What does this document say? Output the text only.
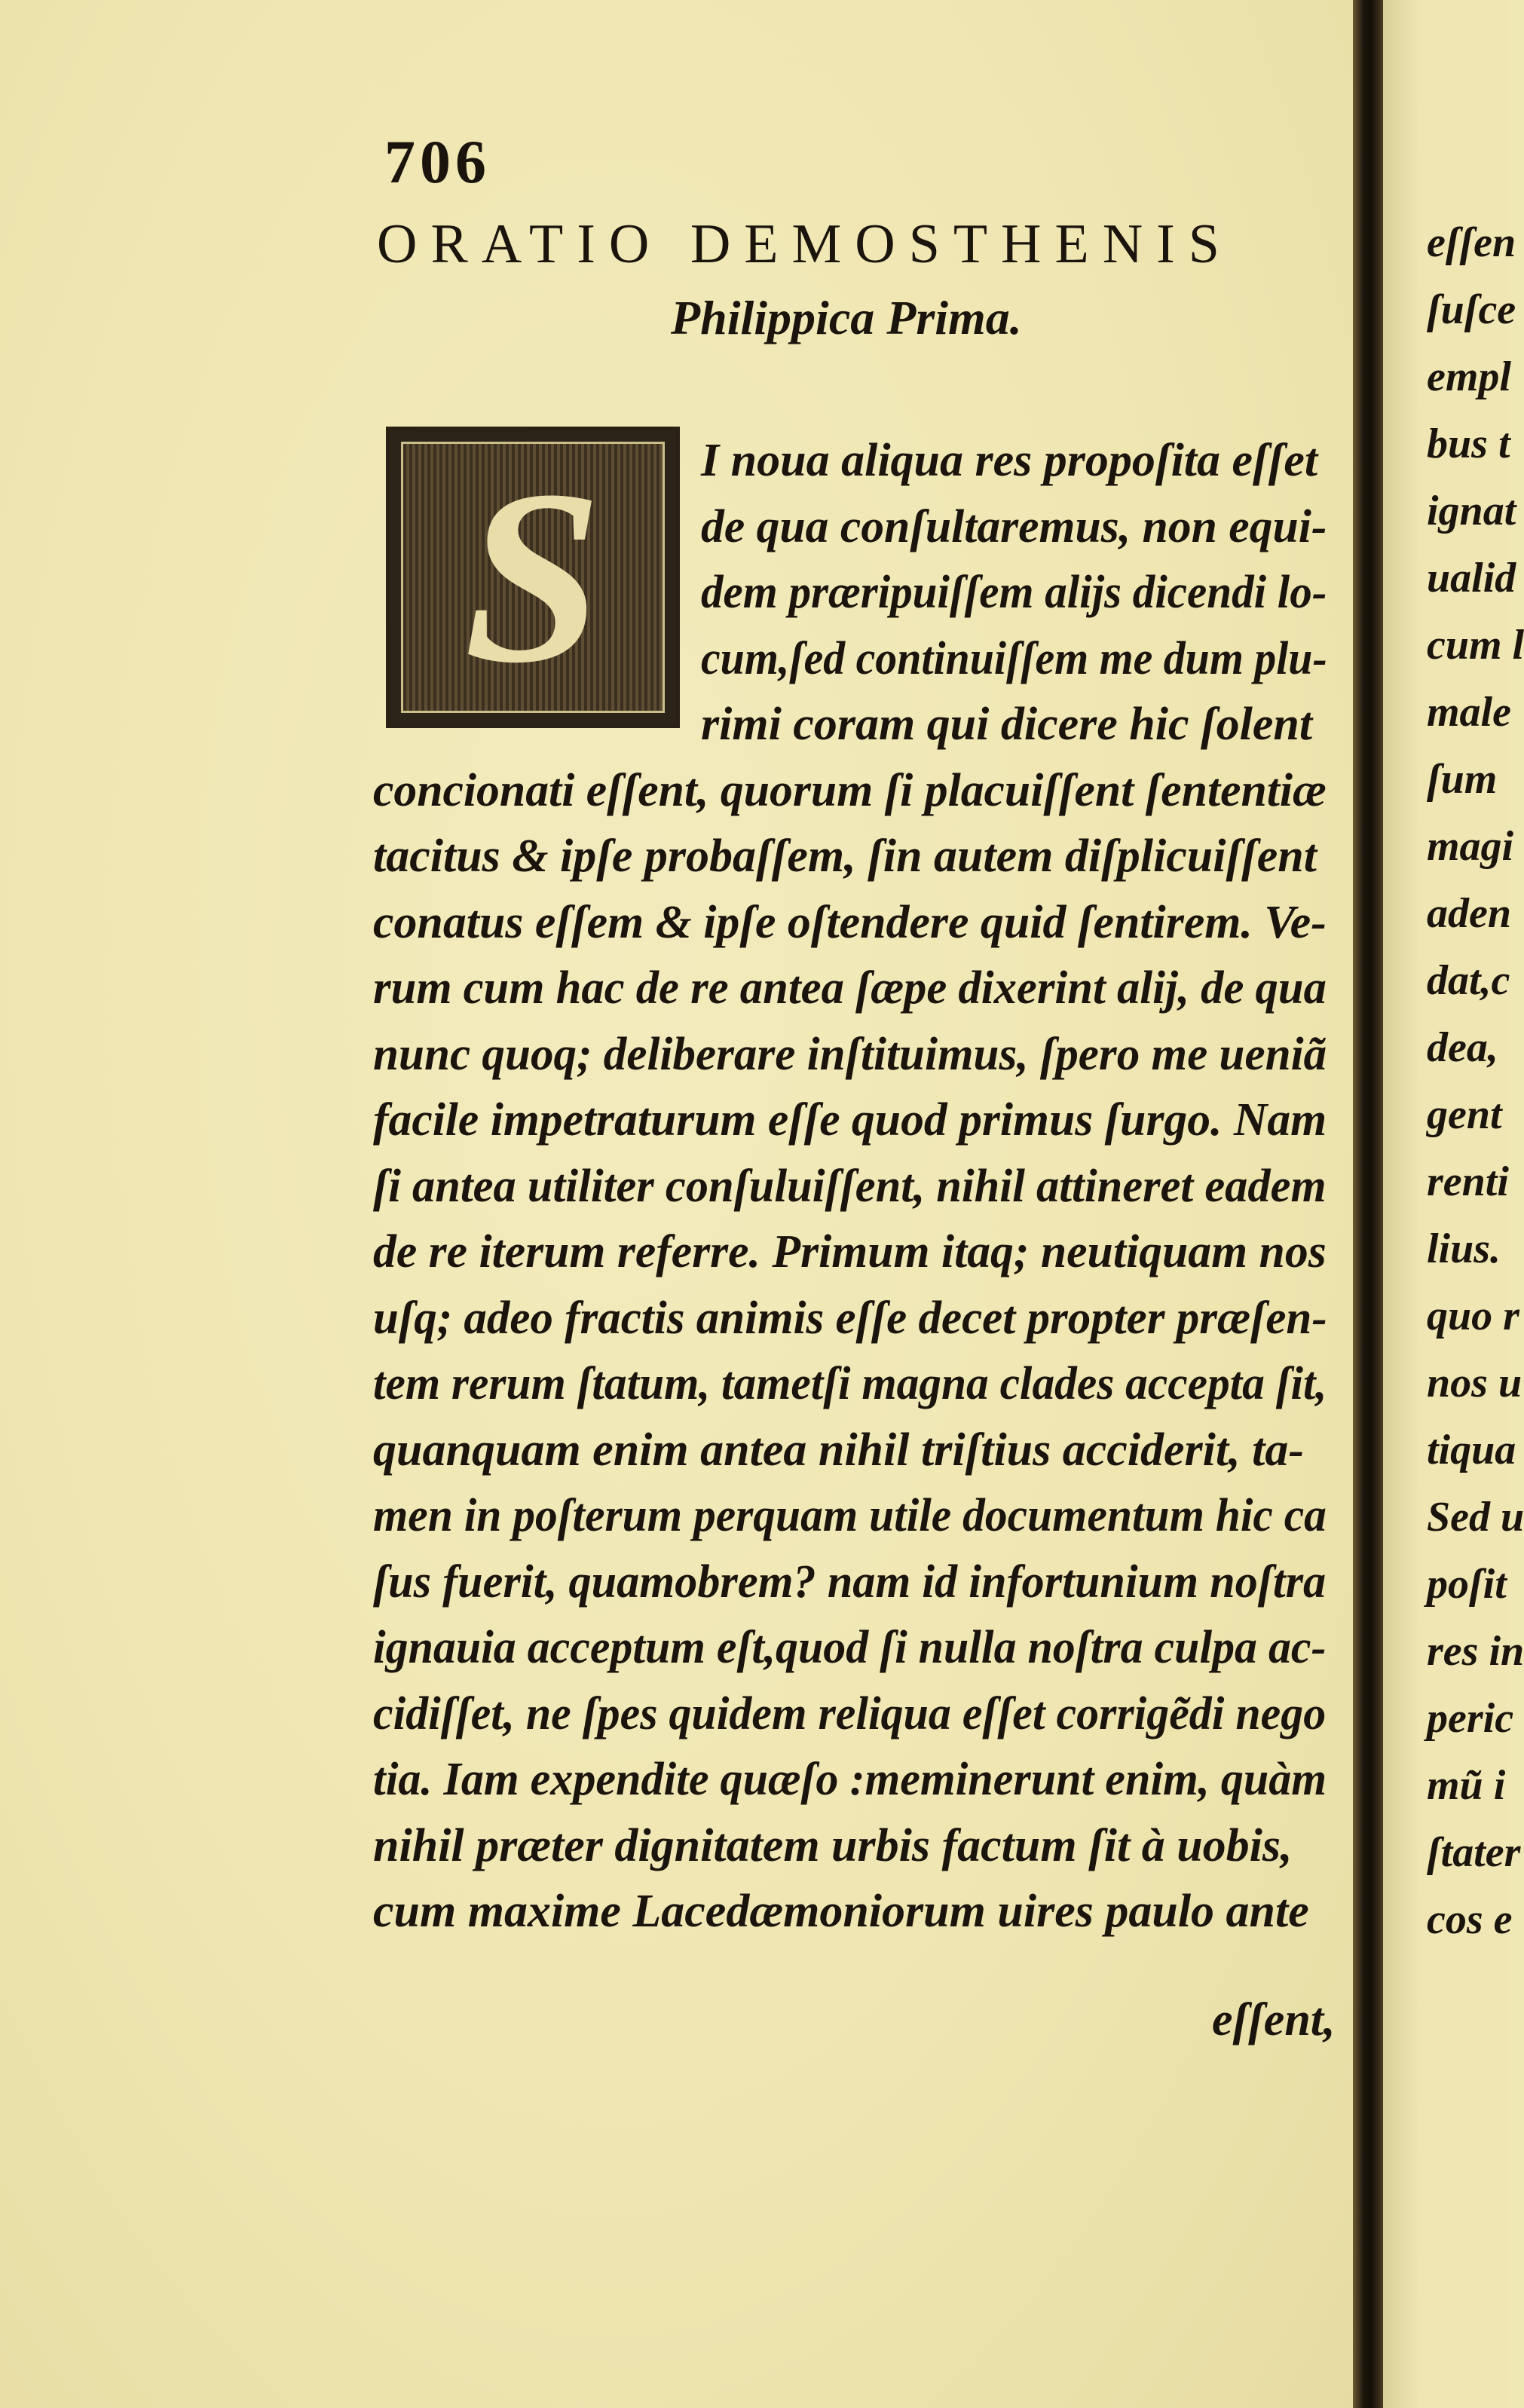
706
ORATIO DEMOSTHENIS
Philippica Prima.
S	I noua aliqua res propoſita eſſet
de qua conſultaremus, non equi-
dem præripuiſſem alijs dicendi lo-
cum,ſed continuiſſem me dum plu-
rimi coram qui dicere hic ſolent
concionati eſſent, quorum ſi placuiſſent ſententiæ
tacitus & ipſe probaſſem, ſin autem diſplicuiſſent
conatus eſſem & ipſe oſtendere quid ſentirem. Ve-
rum cum hac de re antea ſæpe dixerint alij, de qua
nunc quoq; deliberare inſtituimus, ſpero me ueniã
facile impetraturum eſſe quod primus ſurgo. Nam
ſi antea utiliter conſuluiſſent, nihil attineret eadem
de re iterum referre. Primum itaq; neutiquam nos
uſq; adeo fractis animis eſſe decet propter præſen-
tem rerum ſtatum, tametſi magna clades accepta ſit,
quanquam enim antea nihil triſtius acciderit, ta-
men in poſterum perquam utile documentum hic ca
ſus fuerit, quamobrem? nam id infortunium noſtra
ignauia acceptum eſt,quod ſi nulla noſtra culpa ac-
cidiſſet, ne ſpes quidem reliqua eſſet corrigẽdi nego
tia. Iam expendite quæſo :meminerunt enim, quàm
nihil præter dignitatem urbis factum ſit à uobis,
cum maxime Lacedæmoniorum uires paulo ante
eſſent,
eſſen
ſuſce
empl
bus t
ignat
ualid
cum l
male
ſum
magi
aden
dat,c
dea,
gent
renti
lius.
quo r
nos u
tiqua
Sed u
poſit
res in
peric
mũ i
ſtater
cos e
